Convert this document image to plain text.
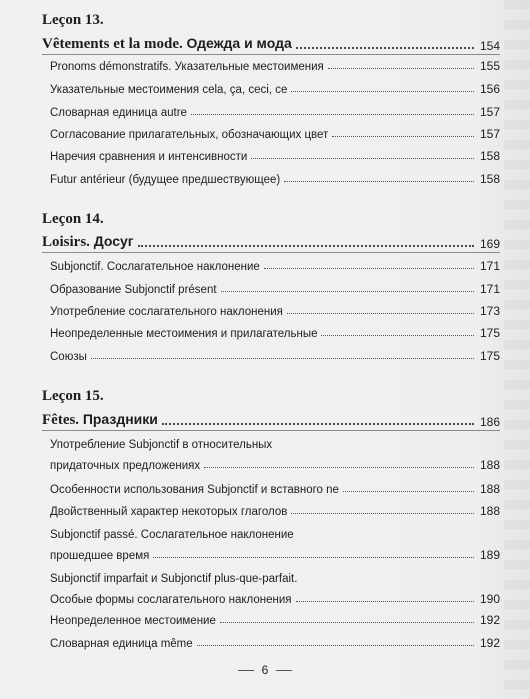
Leçon 13.
Vêtements et la mode. Одежда и мода	154
Pronoms démonstratifs. Указательные местоимения	155
Указательные местоимения cela, ça, ceci, ce	156
Словарная единица autre	157
Согласование прилагательных, обозначающих цвет	157
Наречия сравнения и интенсивности	158
Futur antérieur (будущее предшествующее)	158
Leçon 14.
Loisirs. Досуг	169
Subjonctif. Сослагательное наклонение	171
Образование Subjonctif présent	171
Употребление сослагательного наклонения	173
Неопределенные местоимения и прилагательные	175
Союзы	175
Leçon 15.
Fêtes. Праздники	186
Употребление Subjonctif в относительных
придаточных предложениях	188
Особенности использования Subjonctif и вставного ne	188
Двойственный характер некоторых глаголов	188
Subjonctif passé. Сослагательное наклонение
прошедшее время	189
Subjonctif imparfait и Subjonctif plus-que-parfait.
Особые формы сослагательного наклонения	190
Неопределенное местоимение	192
Словарная единица même	192
6
